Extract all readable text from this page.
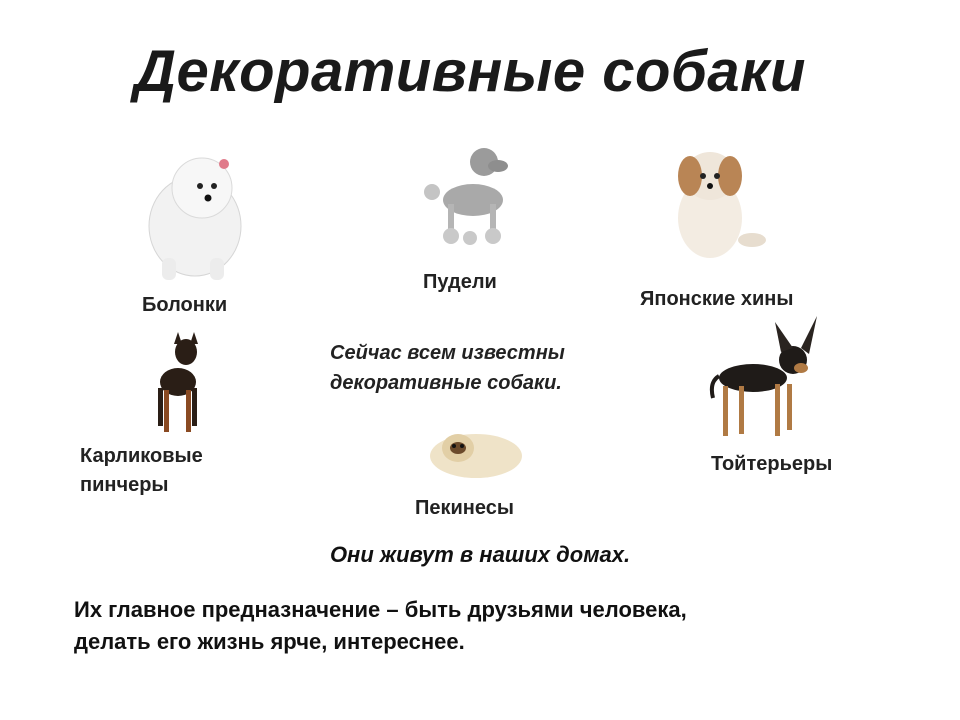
Декоративные собаки
Болонки
Пудели
Японские хины
Карликовые
пинчеры
Сейчас всем известны
декоративные собаки.
Пекинесы
Тойтерьеры
Они живут в наших домах.
Их главное предназначение – быть друзьями человека,
делать его жизнь ярче, интереснее.
